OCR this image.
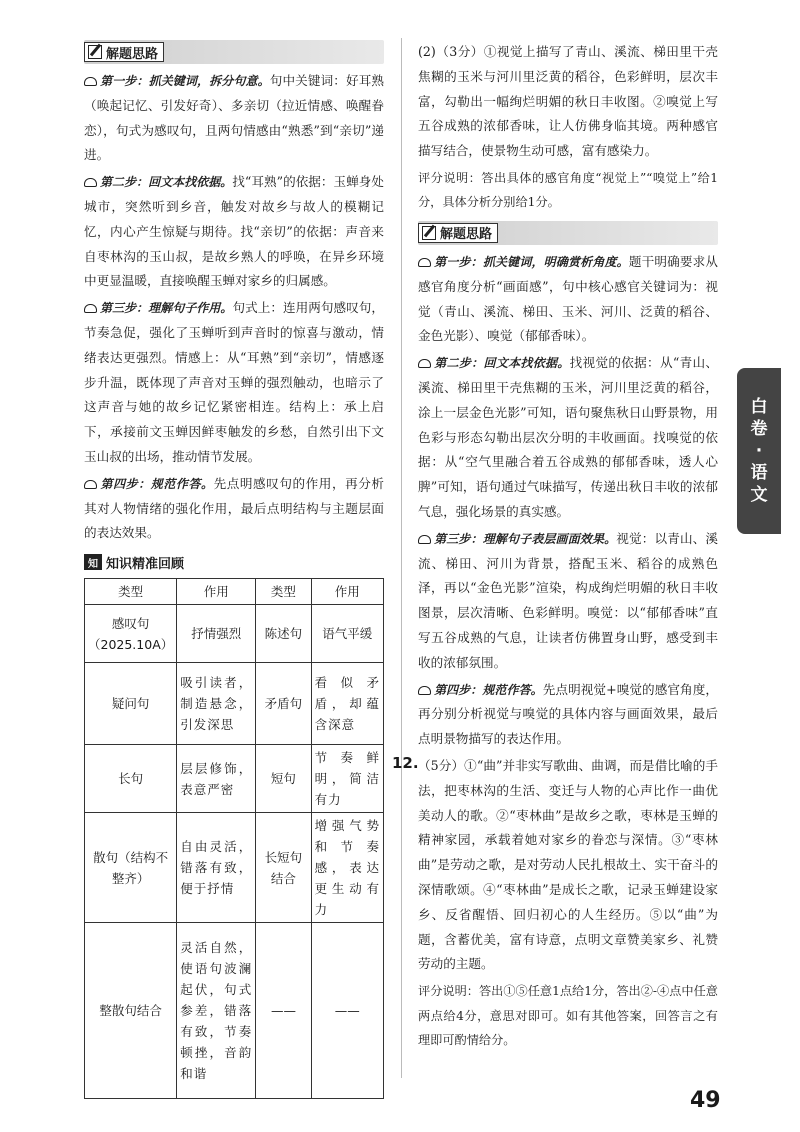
解题思路

第一步：抓关键词，拆分句意。句中关键词：好耳熟（唤起记忆、引发好奇）、多亲切（拉近情感、唤醒眷恋），句式为感叹句，且两句情感由“熟悉”到“亲切”递进。

第二步：回文本找依据。找“耳熟”的依据：玉蝉身处城市，突然听到乡音，触发对故乡与故人的模糊记忆，内心产生惊疑与期待。找“亲切”的依据：声音来自枣林沟的玉山叔，是故乡熟人的呼唤，在异乡环境中更显温暖，直接唤醒玉蝉对家乡的归属感。

第三步：理解句子作用。句式上：连用两句感叹句，节奏急促，强化了玉蝉听到声音时的惊喜与激动，情绪表达更强烈。情感上：从“耳熟”到“亲切”，情感逐步升温，既体现了声音对玉蝉的强烈触动，也暗示了这声音与她的故乡记忆紧密相连。结构上：承上启下，承接前文玉蝉因鲜枣触发的乡愁，自然引出下文玉山叔的出场，推动情节发展。

第四步：规范作答。先点明感叹句的作用，再分析其对人物情绪的强化作用，最后点明结构与主题层面的表达效果。

知 知识精准回顾
类型	作用	类型	作用
感叹句（2025.10A）	抒情强烈	陈述句	语气平缓
疑问句	吸引读者，制造悬念，引发深思	矛盾句	看似矛盾，却蕴含深意
长句	层层修饰，表意严密	短句	节奏鲜明，简洁有力
散句（结构不整齐）	自由灵活，错落有致，便于抒情	长短句结合	增强气势和节奏感，表达更生动有力
整散句结合	灵活自然，使语句波澜起伏，句式参差，错落有致，节奏顿挫，音韵和谐	——	——

(2)（3分）①视觉上描写了青山、溪流、梯田里干壳焦糊的玉米与河川里泛黄的稻谷，色彩鲜明，层次丰富，勾勒出一幅绚烂明媚的秋日丰收图。②嗅觉上写五谷成熟的浓郁香味，让人仿佛身临其境。两种感官描写结合，使景物生动可感，富有感染力。

评分说明：答出具体的感官角度“视觉上”“嗅觉上”给1分，具体分析分别给1分。

解题思路

第一步：抓关键词，明确赏析角度。题干明确要求从感官角度分析“画面感”，句中核心感官关键词为：视觉（青山、溪流、梯田、玉米、河川、泛黄的稻谷、金色光影）、嗅觉（郁郁香味）。

第二步：回文本找依据。找视觉的依据：从“青山、溪流、梯田里干壳焦糊的玉米，河川里泛黄的稻谷，涂上一层金色光影”可知，语句聚焦秋日山野景物，用色彩与形态勾勒出层次分明的丰收画面。找嗅觉的依据：从“空气里融合着五谷成熟的郁郁香味，透人心脾”可知，语句通过气味描写，传递出秋日丰收的浓郁气息，强化场景的真实感。

第三步：理解句子表层画面效果。视觉：以青山、溪流、梯田、河川为背景，搭配玉米、稻谷的成熟色泽，再以“金色光影”渲染，构成绚烂明媚的秋日丰收图景，层次清晰、色彩鲜明。嗅觉：以“郁郁香味”直写五谷成熟的气息，让读者仿佛置身山野，感受到丰收的浓郁氛围。

第四步：规范作答。先点明视觉+嗅觉的感官角度，再分别分析视觉与嗅觉的具体内容与画面效果，最后点明景物描写的表达作用。

12. （5分）①“曲”并非实写歌曲、曲调，而是借比喻的手法，把枣林沟的生活、变迁与人物的心声比作一曲优美动人的歌。②“枣林曲”是故乡之歌，枣林是玉蝉的精神家园，承载着她对家乡的眷恋与深情。③“枣林曲”是劳动之歌，是对劳动人民扎根故土、实干奋斗的深情歌颂。④“枣林曲”是成长之歌，记录玉蝉建设家乡、反省醒悟、回归初心的人生经历。⑤以“曲”为题，含蓄优美，富有诗意，点明文章赞美家乡、礼赞劳动的主题。

评分说明：答出①⑤任意1点给1分，答出②-④点中任意两点给4分，意思对即可。如有其他答案，回答言之有理即可酌情给分。

白
卷
·
语
文
49
